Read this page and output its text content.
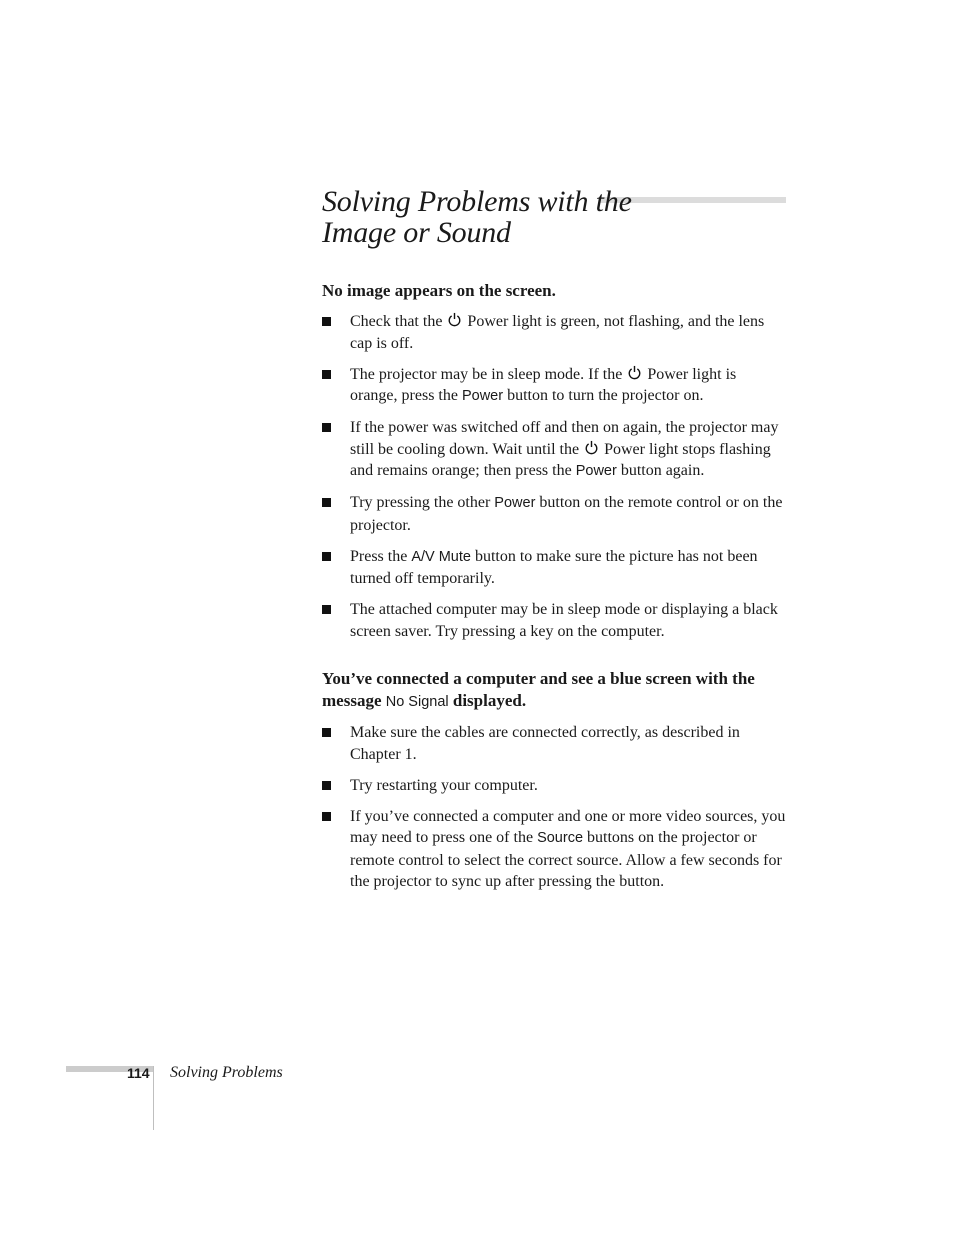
Solving Problems with the
Image or Sound
No image appears on the screen.
Check that the
Power light is green, not flashing, and the lens cap is off.
The projector may be in sleep mode. If the
Power light is orange, press the Power button to turn the projector on.
If the power was switched off and then on again, the projector may still be cooling down. Wait until the
Power light stops flashing and remains orange; then press the Power button again.
Try pressing the other Power button on the remote control or on the projector.
Press the A/V Mute button to make sure the picture has not been turned off temporarily.
The attached computer may be in sleep mode or displaying a black screen saver. Try pressing a key on the computer.
You’ve connected a computer and see a blue screen with the message No Signal displayed.
Make sure the cables are connected correctly, as described in Chapter 1.
Try restarting your computer.
If you’ve connected a computer and one or more video sources, you may need to press one of the Source buttons on the projector or remote control to select the correct source. Allow a few seconds for the projector to sync up after pressing the button.
114 Solving Problems
